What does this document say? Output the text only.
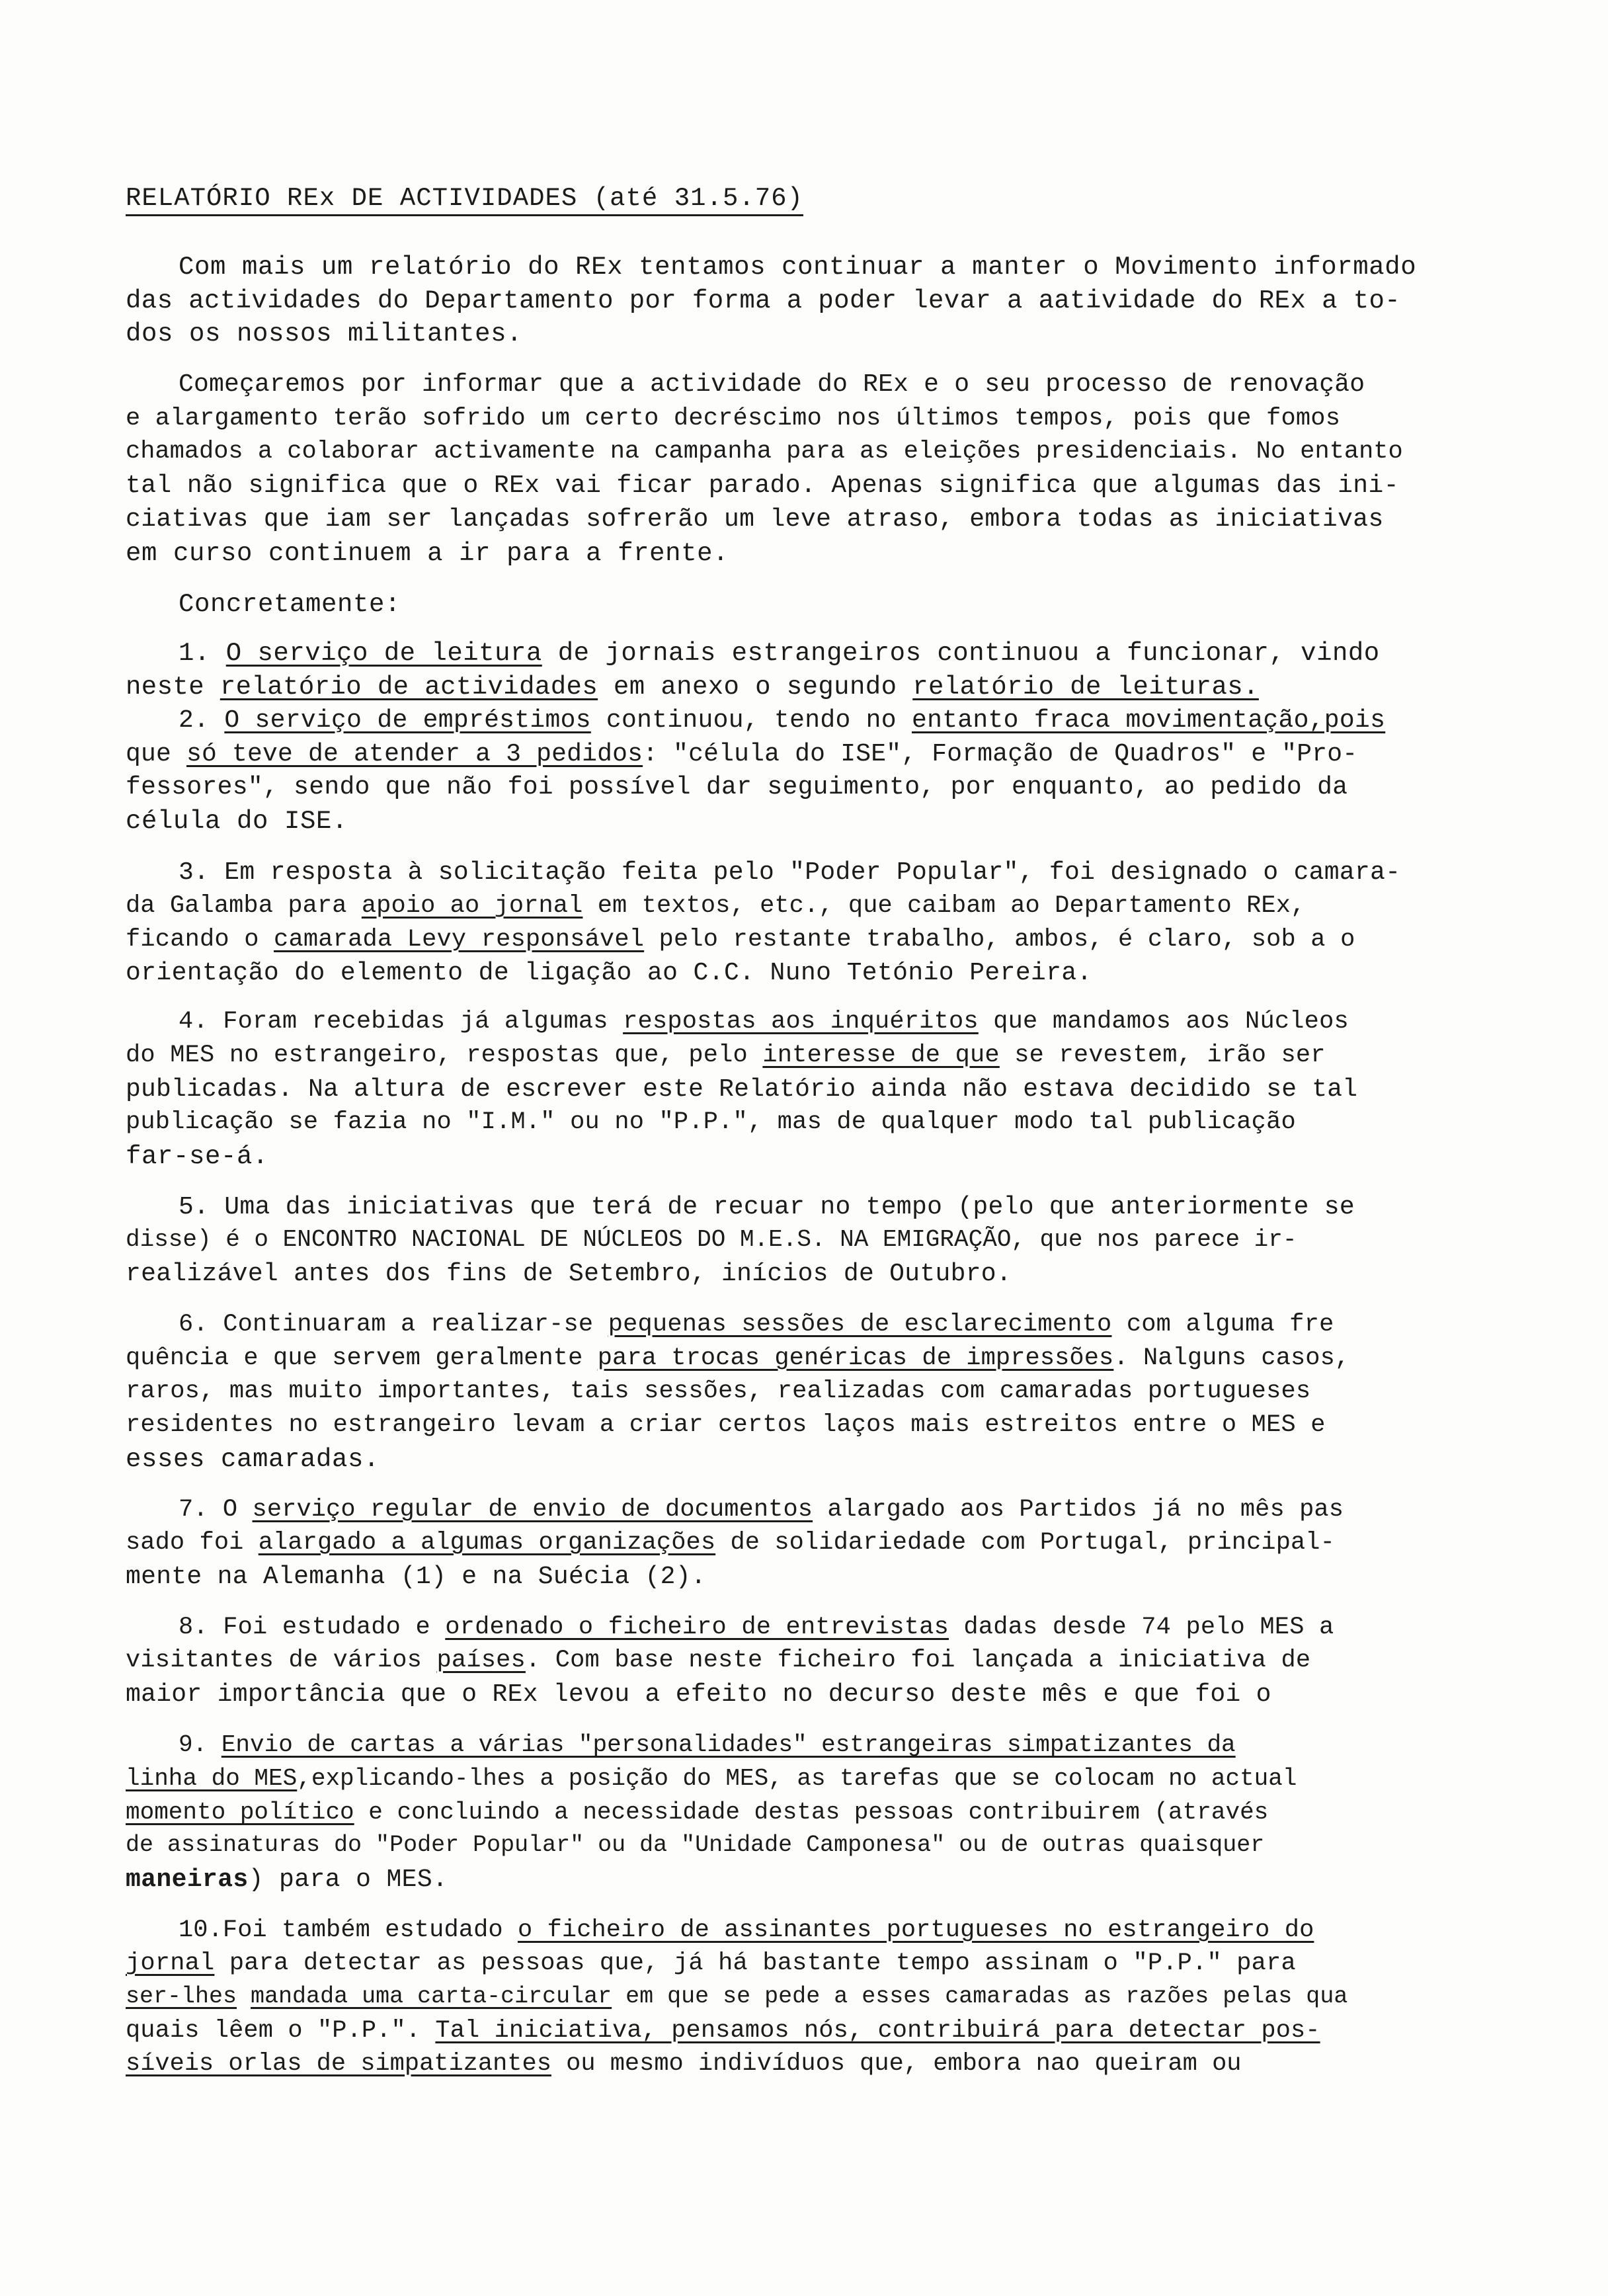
RELATÓRIO REx DE ACTIVIDADES (até 31.5.76)
Com mais um relatório do REx tentamos continuar a manter o Movimento informado
das actividades do Departamento por forma a poder levar a aatividade do REx a to-
dos os nossos militantes.
Começaremos por informar que a actividade do REx e o seu processo de renovação
e alargamento terão sofrido um certo decréscimo nos últimos tempos, pois que fomos
chamados a colaborar activamente na campanha para as eleições presidenciais. No entanto
tal não significa que o REx vai ficar parado. Apenas significa que algumas das ini-
ciativas que iam ser lançadas sofrerão um leve atraso, embora todas as iniciativas
em curso continuem a ir para a frente.
Concretamente:
1. O serviço de leitura de jornais estrangeiros continuou a funcionar, vindo
neste relatório de actividades em anexo o segundo relatório de leituras.
2. O serviço de empréstimos continuou, tendo no entanto fraca movimentação,pois
que só teve de atender a 3 pedidos: "célula do ISE", Formação de Quadros" e "Pro-
fessores", sendo que não foi possível dar seguimento, por enquanto, ao pedido da
célula do ISE.
3. Em resposta à solicitação feita pelo "Poder Popular", foi designado o camara-
da Galamba para apoio ao jornal em textos, etc., que caibam ao Departamento REx,
ficando o camarada Levy responsável pelo restante trabalho, ambos, é claro, sob a o
orientação do elemento de ligação ao C.C. Nuno Tetónio Pereira.
4. Foram recebidas já algumas respostas aos inquéritos que mandamos aos Núcleos
do MES no estrangeiro, respostas que, pelo interesse de que se revestem, irão ser
publicadas. Na altura de escrever este Relatório ainda não estava decidido se tal
publicação se fazia no "I.M." ou no "P.P.", mas de qualquer modo tal publicação
far-se-á.
5. Uma das iniciativas que terá de recuar no tempo (pelo que anteriormente se
disse) é o ENCONTRO NACIONAL DE NÚCLEOS DO M.E.S. NA EMIGRAÇÃO, que nos parece ir-
realizável antes dos fins de Setembro, inícios de Outubro.
6. Continuaram a realizar-se pequenas sessões de esclarecimento com alguma fre
quência e que servem geralmente para trocas genéricas de impressões. Nalguns casos,
raros, mas muito importantes, tais sessões, realizadas com camaradas portugueses
residentes no estrangeiro levam a criar certos laços mais estreitos entre o MES e
esses camaradas.
7. O serviço regular de envio de documentos alargado aos Partidos já no mês pas
sado foi alargado a algumas organizações de solidariedade com Portugal, principal-
mente na Alemanha (1) e na Suécia (2).
8. Foi estudado e ordenado o ficheiro de entrevistas dadas desde 74 pelo MES a
visitantes de vários países. Com base neste ficheiro foi lançada a iniciativa de
maior importância que o REx levou a efeito no decurso deste mês e que foi o
9. Envio de cartas a várias "personalidades" estrangeiras simpatizantes da
linha do MES,explicando-lhes a posição do MES, as tarefas que se colocam no actual
momento político e concluindo a necessidade destas pessoas contribuirem (através
de assinaturas do "Poder Popular" ou da "Unidade Camponesa" ou de outras quaisquer
maneiras) para o MES.
10.Foi também estudado o ficheiro de assinantes portugueses no estrangeiro do
jornal para detectar as pessoas que, já há bastante tempo assinam o "P.P." para
ser-lhes mandada uma carta-circular em que se pede a esses camaradas as razões pelas qua
quais lêem o "P.P.". Tal iniciativa, pensamos nós, contribuirá para detectar pos-
síveis orlas de simpatizantes ou mesmo indivíduos que, embora nao queiram ou
